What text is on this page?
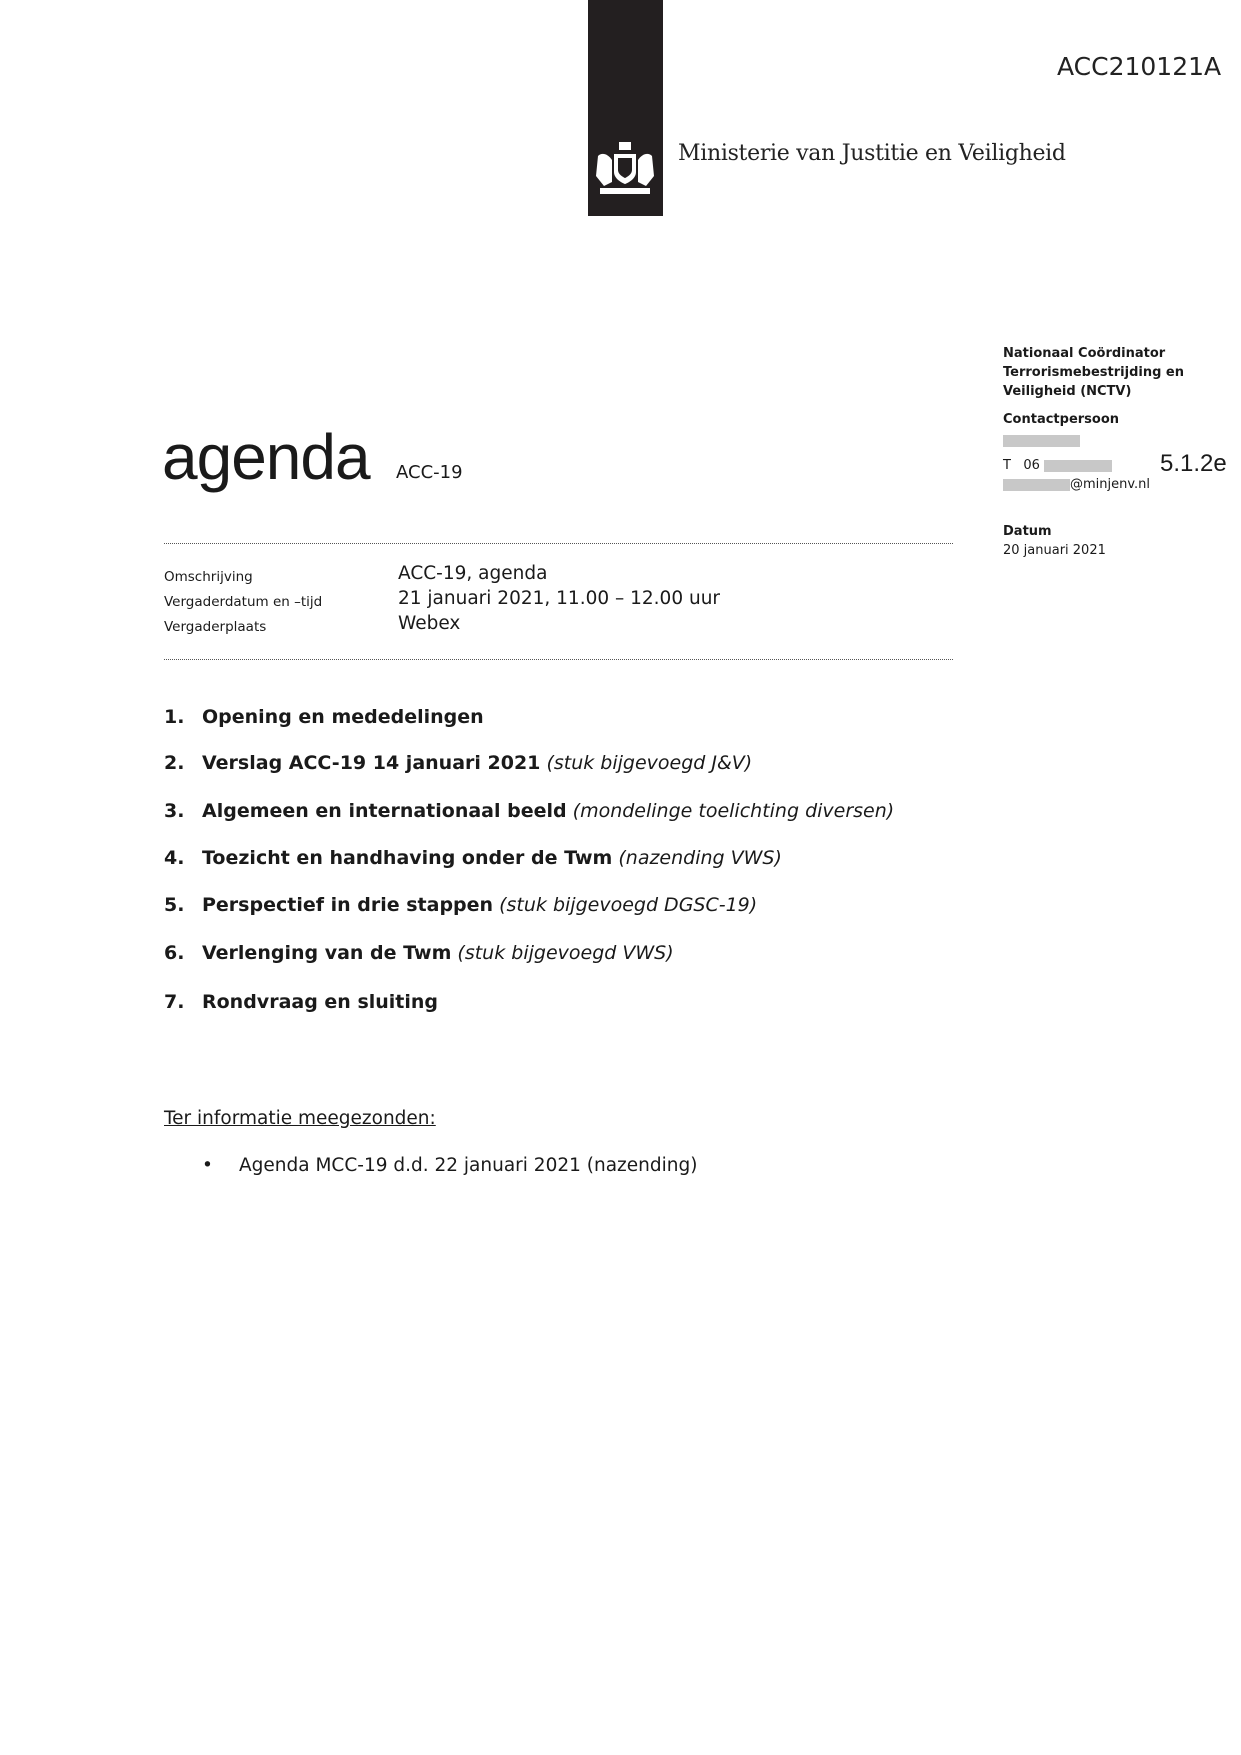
Ministerie van Justitie en Veiligheid
ACC210121A
Nationaal Coördinator
Terrorismebestrijding en
Veiligheid (NCTV)
Contactpersoon
T   06
@minjenv.nl
5.1.2e
Datum
20 januari 2021
agenda ACC-19
Omschrijving	ACC-19, agenda
Vergaderdatum en –tijd	21 januari 2021, 11.00 – 12.00 uur
Vergaderplaats	Webex
1. Opening en mededelingen
2. Verslag ACC-19 14 januari 2021 (stuk bijgevoegd J&V)
3. Algemeen en internationaal beeld (mondelinge toelichting diversen)
4. Toezicht en handhaving onder de Twm (nazending VWS)
5. Perspectief in drie stappen (stuk bijgevoegd DGSC-19)
6. Verlenging van de Twm (stuk bijgevoegd VWS)
7. Rondvraag en sluiting
Ter informatie meegezonden:
• Agenda MCC-19 d.d. 22 januari 2021 (nazending)
